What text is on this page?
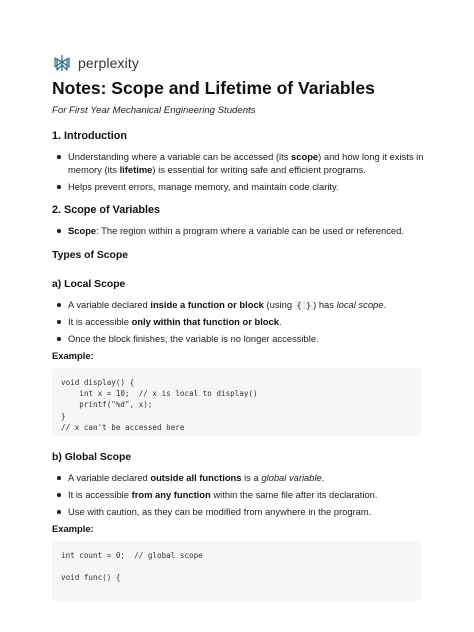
perplexity
Notes: Scope and Lifetime of Variables
For First Year Mechanical Engineering Students
1. Introduction
Understanding where a variable can be accessed (its scope) and how long it exists in
memory (its lifetime) is essential for writing safe and efficient programs.
Helps prevent errors, manage memory, and maintain code clarity.
2. Scope of Variables
Scope: The region within a program where a variable can be used or referenced.
Types of Scope
a) Local Scope
A variable declared inside a function or block (using { } ) has local scope.
It is accessible only within that function or block.
Once the block finishes, the variable is no longer accessible.
Example:
void display() {
int x = 10;  // x is local to display()
printf("%d", x);
}
// x can't be accessed here
b) Global Scope
A variable declared outside all functions is a global variable.
It is accessible from any function within the same file after its declaration.
Use with caution, as they can be modified from anywhere in the program.
Example:
int count = 0;  // global scope

void func() {
